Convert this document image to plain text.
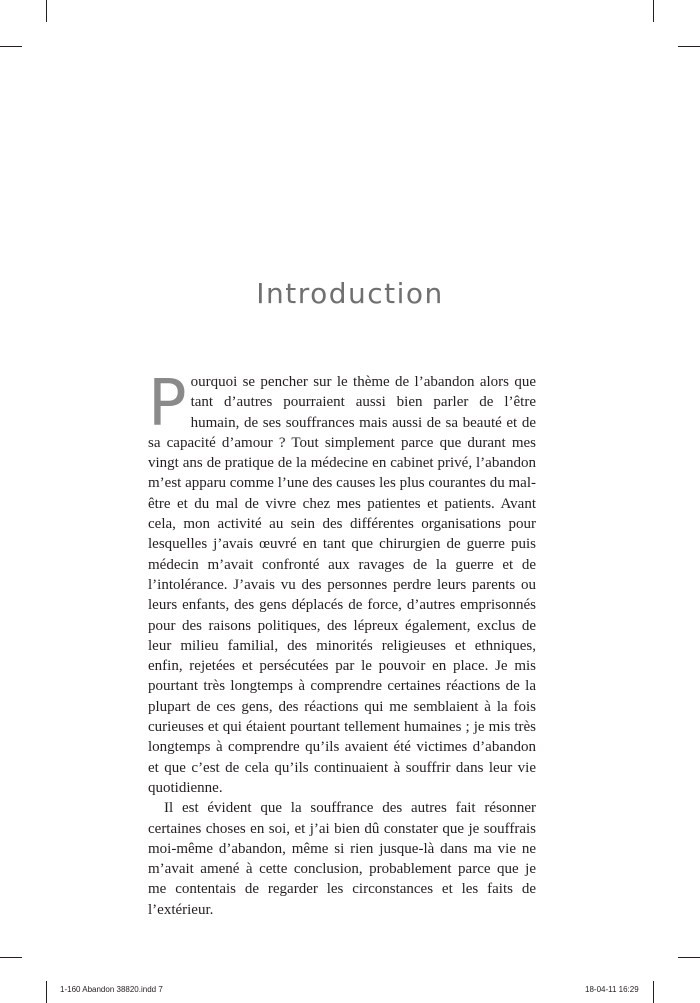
Introduction

Pourquoi se pencher sur le thème de l’abandon alors que tant d’autres pourraient aussi bien parler de l’être humain, de ses souffrances mais aussi de sa beauté et de sa capacité d’amour ? Tout simplement parce que durant mes vingt ans de pratique de la médecine en cabinet privé, l’abandon m’est apparu comme l’une des causes les plus courantes du mal-être et du mal de vivre chez mes patientes et patients. Avant cela, mon activité au sein des différentes organisations pour lesquelles j’avais œuvré en tant que chirurgien de guerre puis médecin m’avait confronté aux ravages de la guerre et de l’intolérance. J’avais vu des personnes perdre leurs parents ou leurs enfants, des gens déplacés de force, d’autres emprisonnés pour des raisons politiques, des lépreux également, exclus de leur milieu familial, des minorités religieuses et ethniques, enfin, rejetées et persécutées par le pouvoir en place. Je mis pourtant très longtemps à comprendre certaines réactions de la plupart de ces gens, des réactions qui me semblaient à la fois curieuses et qui étaient pourtant tellement humaines ; je mis très longtemps à comprendre qu’ils avaient été victimes d’abandon et que c’est de cela qu’ils continuaient à souffrir dans leur vie quotidienne.

Il est évident que la souffrance des autres fait résonner certaines choses en soi, et j’ai bien dû constater que je souffrais moi-même d’abandon, même si rien jusque-là dans ma vie ne m’avait amené à cette conclusion, probablement parce que je me contentais de regarder les circonstances et les faits de l’extérieur.

1-160 Abandon 38820.indd 7	18-04-11 16:29
